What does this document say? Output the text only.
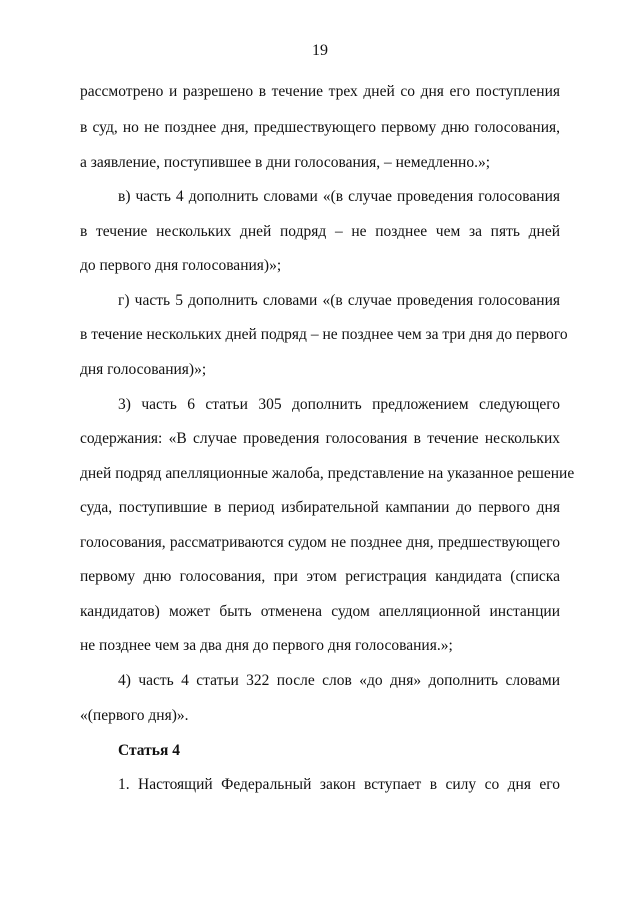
19
рассмотрено и разрешено в течение трех дней со дня его поступления
в суд, но не позднее дня, предшествующего первому дню голосования,
а заявление, поступившее в дни голосования, – немедленно.»;
в) часть 4 дополнить словами «(в случае проведения голосования
в течение нескольких дней подряд – не позднее чем за пять дней
до первого дня голосования)»;
г) часть 5 дополнить словами «(в случае проведения голосования
в течение нескольких дней подряд – не позднее чем за три дня до первого
дня голосования)»;
3) часть 6 статьи 305 дополнить предложением следующего
содержания: «В случае проведения голосования в течение нескольких
дней подряд апелляционные жалоба, представление на указанное решение
суда, поступившие в период избирательной кампании до первого дня
голосования, рассматриваются судом не позднее дня, предшествующего
первому дню голосования, при этом регистрация кандидата (списка
кандидатов) может быть отменена судом апелляционной инстанции
не позднее чем за два дня до первого дня голосования.»;
4) часть 4 статьи 322 после слов «до дня» дополнить словами
«(первого дня)».
Статья 4
1. Настоящий Федеральный закон вступает в силу со дня его
